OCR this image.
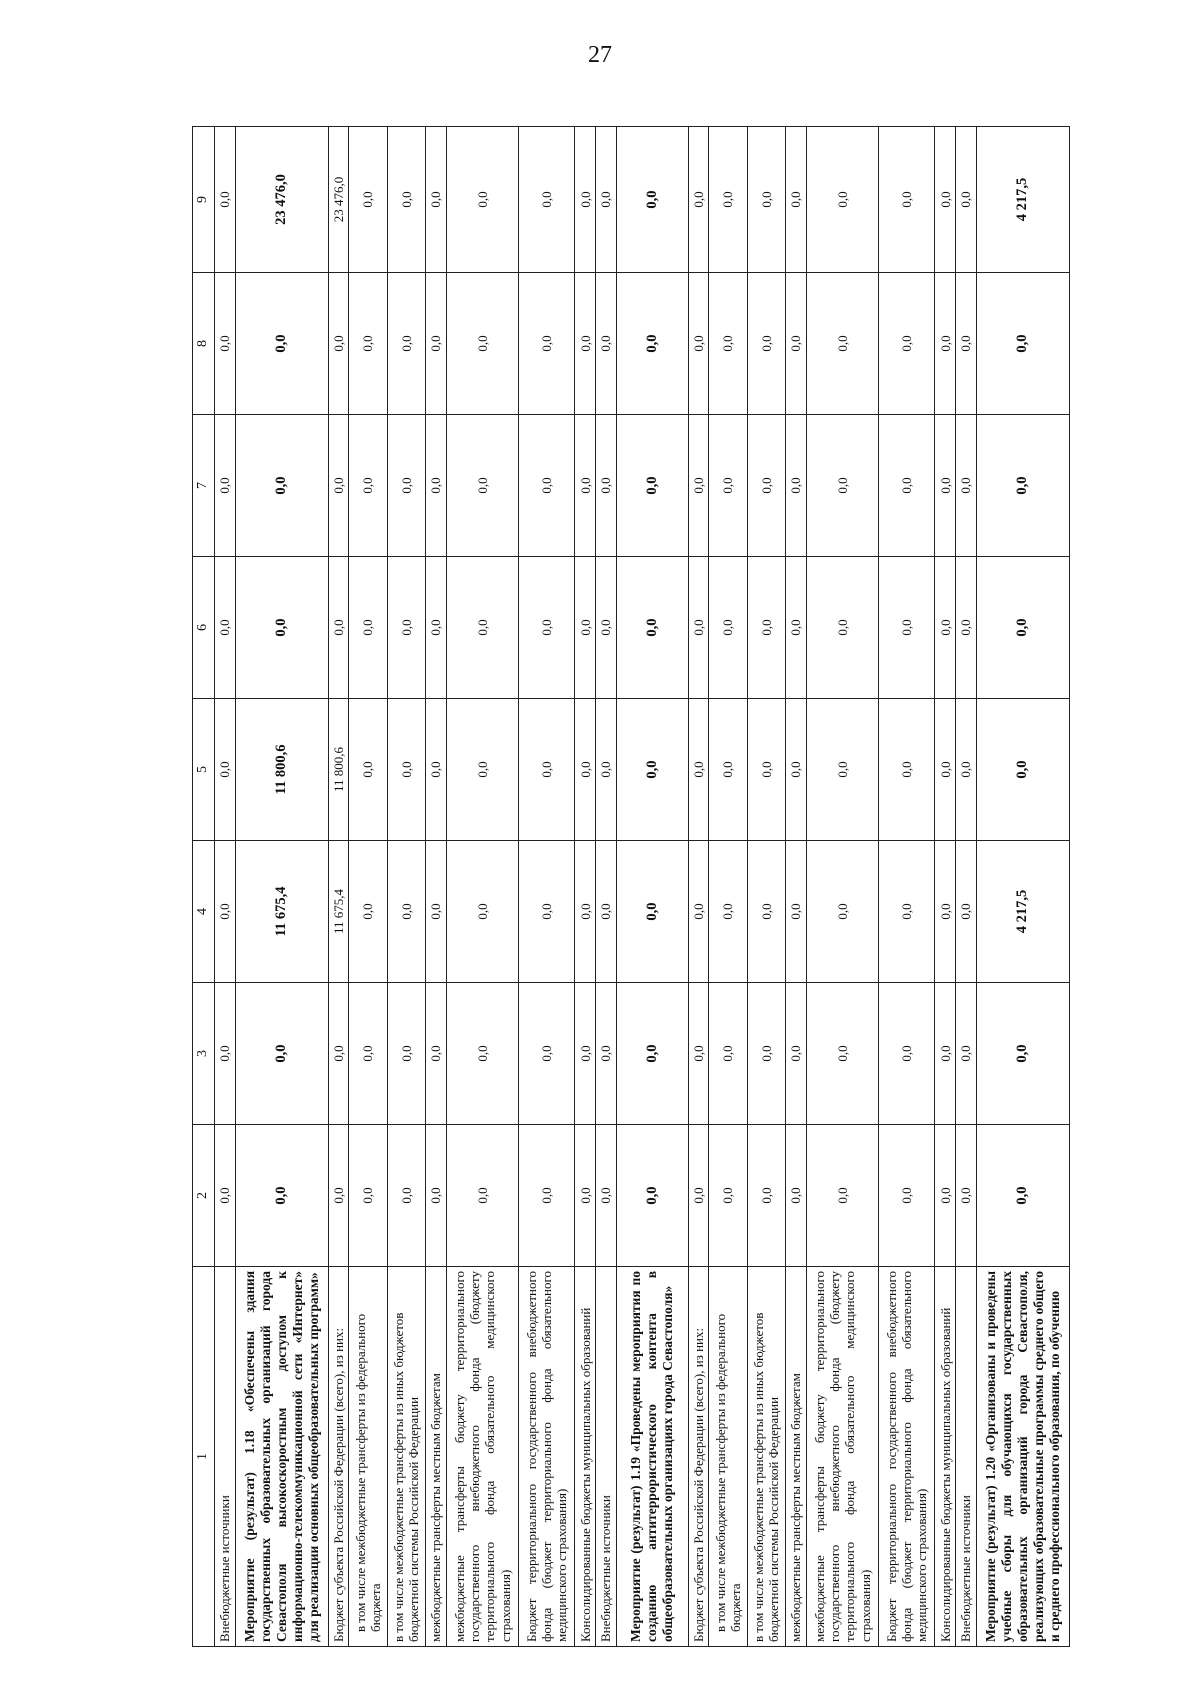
27
1	2	3	4	5	6	7	8	9
Внебюджетные источники	0,0	0,0	0,0	0,0	0,0	0,0	0,0	0,0
Мероприятие (результат) 1.18 «Обеспечены здания государственных образовательных организаций города Севастополя высокоскоростным доступом к информационно-телекоммуникационной сети «Интернет» для реализации основных общеобразовательных программ»	0,0	0,0	11 675,4	11 800,6	0,0	0,0	0,0	23 476,0
Бюджет субъекта Российской Федерации (всего), из них:	0,0	0,0	11 675,4	11 800,6	0,0	0,0	0,0	23 476,0
в том числе межбюджетные трансферты из федерального бюджета	0,0	0,0	0,0	0,0	0,0	0,0	0,0	0,0
в том числе межбюджетные трансферты из иных бюджетов бюджетной системы Российской Федерации	0,0	0,0	0,0	0,0	0,0	0,0	0,0	0,0
межбюджетные трансферты местным бюджетам	0,0	0,0	0,0	0,0	0,0	0,0	0,0	0,0
межбюджетные трансферты бюджету территориального государственного внебюджетного фонда (бюджету территориального фонда обязательного медицинского страхования)	0,0	0,0	0,0	0,0	0,0	0,0	0,0	0,0
Бюджет территориального государственного внебюджетного фонда (бюджет территориального фонда обязательного медицинского страхования)	0,0	0,0	0,0	0,0	0,0	0,0	0,0	0,0
Консолидированные бюджеты муниципальных образований	0,0	0,0	0,0	0,0	0,0	0,0	0,0	0,0
Внебюджетные источники	0,0	0,0	0,0	0,0	0,0	0,0	0,0	0,0
Мероприятие (результат) 1.19 «Проведены мероприятия по созданию антитеррористического контента в общеобразовательных организациях города Севастополя»	0,0	0,0	0,0	0,0	0,0	0,0	0,0	0,0
Бюджет субъекта Российской Федерации (всего), из них:	0,0	0,0	0,0	0,0	0,0	0,0	0,0	0,0
в том числе межбюджетные трансферты из федерального бюджета	0,0	0,0	0,0	0,0	0,0	0,0	0,0	0,0
в том числе межбюджетные трансферты из иных бюджетов бюджетной системы Российской Федерации	0,0	0,0	0,0	0,0	0,0	0,0	0,0	0,0
межбюджетные трансферты местным бюджетам	0,0	0,0	0,0	0,0	0,0	0,0	0,0	0,0
межбюджетные трансферты бюджету территориального государственного внебюджетного фонда (бюджету территориального фонда обязательного медицинского страхования)	0,0	0,0	0,0	0,0	0,0	0,0	0,0	0,0
Бюджет территориального государственного внебюджетного фонда (бюджет территориального фонда обязательного медицинского страхования)	0,0	0,0	0,0	0,0	0,0	0,0	0,0	0,0
Консолидированные бюджеты муниципальных образований	0,0	0,0	0,0	0,0	0,0	0,0	0,0	0,0
Внебюджетные источники	0,0	0,0	0,0	0,0	0,0	0,0	0,0	0,0
Мероприятие (результат) 1.20 «Организованы и проведены учебные сборы для обучающихся государственных образовательных организаций города Севастополя, реализующих образовательные программы среднего общего и среднего профессионального образования, по обучению	0,0	0,0	4 217,5	0,0	0,0	0,0	0,0	4 217,5
